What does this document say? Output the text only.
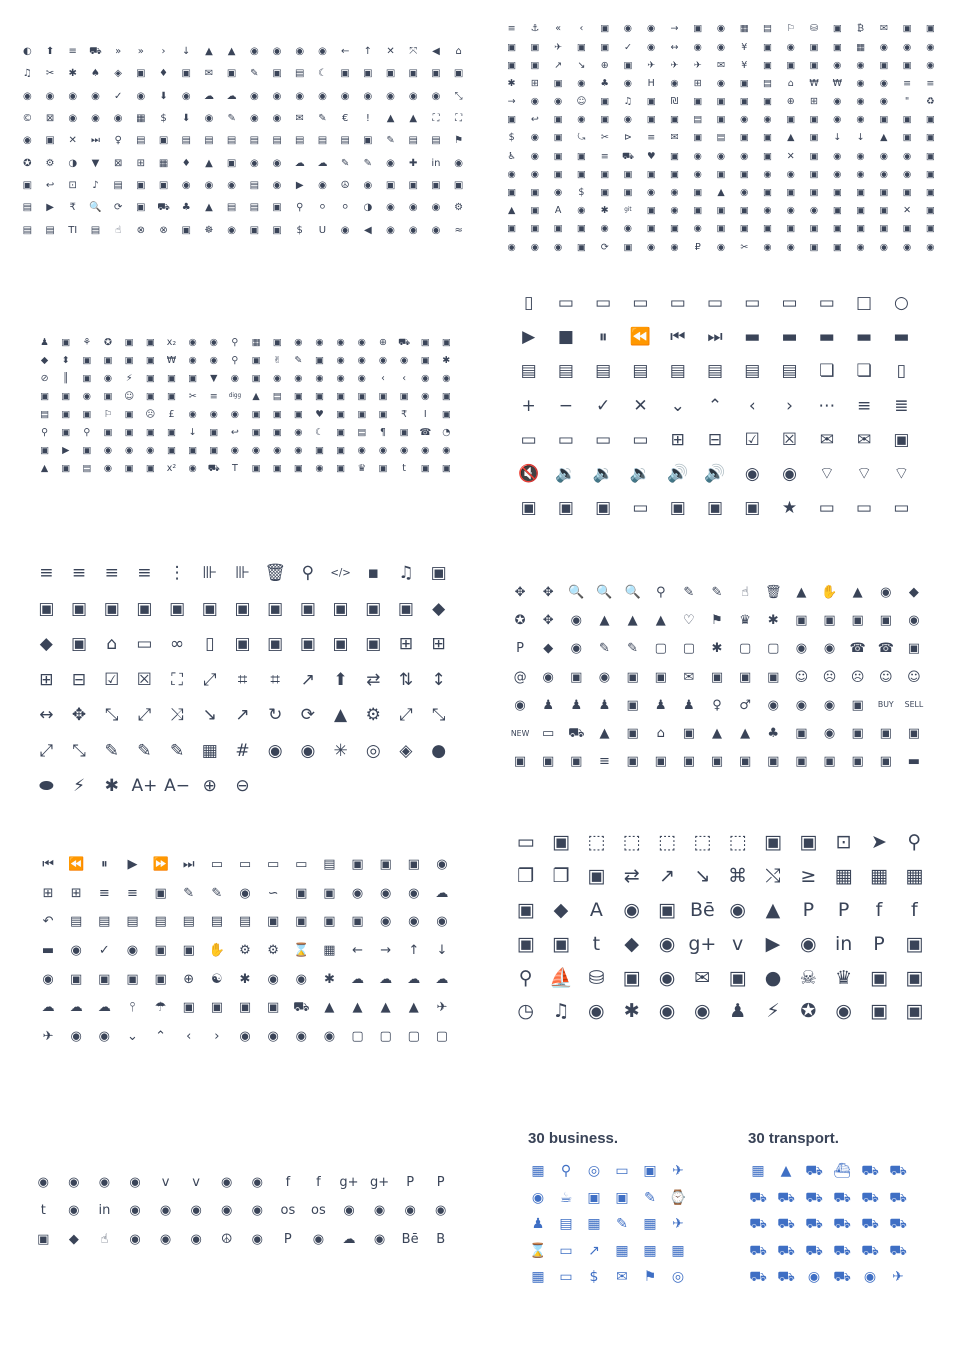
◐ ⬆ ≡ ⛟ » » › ↓ ▲ ▲ ◉ ◉ ◉ ◉ ← ↑ ✕ ⤧ ◀ ⌂
♫ ✂ ✱ ♠ ◈ ▣ ♦ ▣ ✉ ▣ ✎ ▣ ▤ ☾ ▣ ▣ ▣ ▣ ▣ ▣
◉ ◉ ◉ ◉ ✓ ◉ ⬇ ◉ ☁ ☁ ◉ ◉ ◉ ◉ ◉ ◉ ◉ ◉ ◉ ⤡
© ⊠ ◉ ◉ ◉ ▦ $ ⬇ ◉ ✎ ◉ ◉ ✉ ✎ € ! ▲ ▲ ⛶ ⛶
◉ ▣ ✕ ⏭ ♀ ▤ ▣ ▤ ▤ ▤ ▤ ▤ ▤ ▤ ▤ ▣ ✎ ▤ ▤ ⚑
✪ ⚙ ◑ ▼ ⊠ ⊞ ▦ ♦ ▲ ▣ ◉ ◉ ☁ ☁ ✎ ✎ ◉ ✚ in ◉
▣ ↩ ⊡ ♪ ▤ ▣ ▣ ◉ ◉ ◉ ▤ ◉ ▶ ◉ ☮ ◉ ▣ ▣ ▣ ▣
▤ ▶ ₹ 🔍 ⟳ ▣ ⛟ ♣ ▲ ▤ ▤ ▣ ⚲ ⚪ ⚪ ◑ ◉ ◉ ◉ ⚙
▤ ▤ TI ▤ ☝ ⊗ ⊗ ▣ ☸ ◉ ▣ ▣ $ U ◉ ◀ ◉ ◉ ◉ ≈
≡ ⚓ « ‹ ▣ ◉ ◉ → ▣ ◉ ▦ ▤ ⚐ ⛁ ▣ ₿ ✉ ▣ ▣
▣ ▣ ✈ ▣ ▣ ✓ ◉ ↔ ◉ ◉ ¥ ▣ ◉ ▣ ▣ ▦ ◉ ◉ ◉
▣ ▣ ↗ ↘ ⊕ ▣ ✈ ✈ ✈ ✉ ¥ ▣ ▣ ▣ ◉ ◉ ▣ ▣ ◉
✱ ⊞ ▣ ◉ ♣ ◉ H ◉ ⊞ ◉ ▣ ▤ ⌂ ₩ ₩ ◉ ◉ ≡ ≡
→ ◉ ◉ ☺ ▣ ♫ ▣ ₪ ▣ ▣ ▣ ▣ ⊕ ⊞ ◉ ◉ ◉ " ♻
▣ ↩ ▣ ◉ ▣ ◉ ▣ ▣ ▤ ▣ ◉ ◉ ▣ ▣ ◉ ◉ ▣ ▣ ▣
$ ◉ ▣ ⤿ ✂ ⊳ ≡ ✉ ▣ ▤ ▣ ▣ ▲ ▣ ↓ ↓ ▲ ▣ ▣
♿ ◉ ▣ ▣ ≡ ⛟ ♥ ▣ ◉ ◉ ◉ ▣ ✕ ▣ ◉ ◉ ◉ ◉ ▣
◉ ◉ ▣ ▣ ▣ ▣ ▣ ▣ ◉ ▣ ▣ ◉ ◉ ▣ ◉ ◉ ◉ ◉ ▣
▣ ▣ ◉ $ ▣ ▣ ◉ ◉ ▣ ▲ ◉ ▣ ▣ ▣ ▣ ▣ ▣ ▣ ▣
▲ ▣ A ◉ ✱	git ▣ ◉ ▣ ▣ ▣ ◉ ◉ ◉ ▣ ▣ ▣ ✕ ▣
▣ ▣ ▣ ▣ ◉ ◉ ▣ ▣ ◉ ▣ ▣ ▣ ▣ ▣ ▣ ▣ ▣ ▣ ▣
◉ ◉ ◉ ▣ ⟳ ▣ ◉ ◉ ₽ ◉ ✂ ◉ ◉ ▣ ▣ ◉ ◉ ◉ ◉
♟ ▣ ⚘ ✪ ▣ ▣ x₂ ◉ ◉ ⚲ ▦ ▣ ◉ ◉ ◉ ◉ ⊕ ⛟ ▣ ▣
◆ ⬍ ▣ ▣ ▣ ▣ ₩ ◉ ◉ ⚲ ▣ ✌ ✎ ▣ ◉ ◉ ◉ ◉ ▣ ✱
⊘ ║ ▣ ◉ ⚡ ▣ ▣ ▣ ▼ ◉ ▣ ◉ ◉ ◉ ◉ ◉ ‹ ‹ ◉ ◉
▣ ▣ ◉ ▣ ☺ ▣ ▣ ✂ ≡ digg ▲ ▤ ▣ ▣ ▣ ▣ ▣ ▣ ◉ ▣
▤ ▣ ▣ ⚐ ▣ ☹ £ ◉ ◉ ◉ ▣ ▣ ▣ ♥ ▣ ▣ ▣ ₹ I ▣
⚲ ▣ ⚲ ▣ ▣ ▣ ▣ ↓ ▣ ↩ ▣ ▣ ◉ ☾ ▣ ▤ ¶ ▣ ☎ ◔
▣ ▶ ▣ ◉ ◉ ◉ ▣ ▣ ▣ ◉ ◉ ◉ ◉ ▣ ▣ ◉ ◉ ◉ ◉ ◉
▲ ▣ ▤ ◉ ▣ ▣ x² ◉ ⛟ T ▣ ▣ ▣ ◉ ▣ ♛ ▣ t ▣ ▣
▯ ▭ ▭ ▭ ▭ ▭ ▭ ▭ ▭ □ ○
▶ ■ ⏸ ⏪ ⏮ ⏭ ▬ ▬ ▬ ▬ ▬
▤ ▤ ▤ ▤ ▤ ▤ ▤ ▤ ❏ ❏ ▯
+ − ✓ ✕ ⌄ ⌃ ‹ › ⋯ ≡ ≣
▭ ▭ ▭ ▭ ⊞ ⊟ ☑ ☒ ✉ ✉ ▣
🔇 🔉 🔉 🔉 🔊 🔊 ◉ ◉ ⌔ ⌔ ⌔
▣ ▣ ▣ ▭ ▣ ▣ ▣ ★ ▭ ▭ ▭
≡ ≡ ≡ ≡ ⋮ ⊪ ⊪ 🗑 ⚲ </> ▪ ♫ ▣
▣ ▣ ▣ ▣ ▣ ▣ ▣ ▣ ▣ ▣ ▣ ▣ ◆
◆ ▣ ⌂ ▭ ∞ ▯ ▣ ▣ ▣ ▣ ▣ ⊞ ⊞
⊞ ⊟ ☑ ☒ ⛶ ⤢ ⌗ ⌗ ↗ ⬆ ⇄ ⇅ ↕
↔ ✥ ⤡ ⤢ ⤨ ↘ ↗ ↻ ⟳ ▲ ⚙ ⤢ ⤡
⤢ ⤡ ✎ ✎ ✎ ▦ # ◉ ◉ ✳ ◎ ◈ ●
⬬ ⚡ ✱ A+ A− ⊕ ⊖
✥ ✥ 🔍 🔍 🔍 ⚲ ✎ ✎ ☝ 🗑 ▲ ✋ ▲ ◉ ◆
✪ ✥ ◉ ▲ ▲ ▲ ♡ ⚑ ♛ ✱ ▣ ▣ ▣ ▣ ◉
P ◆ ◉ ✎ ✎ ▢ ▢ ✱ ▢ ▢ ◉ ◉ ☎ ☎ ▣
@ ◉ ▣ ◉ ▣ ▣ ✉ ▣ ▣ ▣ ☺ ☹ ☹ ☺ ☺
◉ ♟ ♟ ♟ ▣ ♟ ♟ ♀ ♂ ◉ ◉ ◉ ▣ BUY SELL
NEW ▭ ⛟ ▲ ▣ ⌂ ▣ ▲ ▲ ♣ ▣ ◉ ▣ ▣ ▣
▣ ▣ ▣ ≡ ▣ ▣ ▣ ▣ ▣ ▣ ▣ ▣ ▣ ▣ ▬
⏮ ⏪ ⏸ ▶ ⏩ ⏭ ▭ ▭ ▭ ▭ ▤ ▣ ▣ ▣ ◉
⊞ ⊞ ≡ ≡ ▣ ✎ ✎ ◉ ∽ ▣ ▣ ◉ ◉ ◉ ☁
↶ ▤ ▤ ▤ ▤ ▤ ▤ ▤ ▣ ▣ ▣ ▣ ◉ ◉ ◉
▬ ◉ ✓ ◉ ▣ ▣ ✋ ⚙ ⚙ ⌛ ▦ ← → ↑ ↓
◉ ▣ ▣ ▣ ▣ ⊕ ☯ ✱ ◉ ◉ ✱ ☁ ☁ ☁ ☁
☁ ☁ ☁ ⫯ ☂ ▣ ▣ ▣ ▣ ⛟ ▲ ▲ ▲ ▲ ✈
✈ ◉ ◉ ⌄ ⌃ ‹ › ◉ ◉ ◉ ◉ ▢ ▢ ▢ ▢
▭ ▣ ⬚ ⬚ ⬚ ⬚ ⬚ ▣ ▣ ⊡ ➤ ⚲
❐ ❐ ▣ ⇄ ↗ ↘ ⌘ ⤭ ≥ ▦ ▦ ▦
▣ ◆ A ◉ ▣ Bē ◉ ▲ P P f f
▣ ▣ t ◆ ◉ g+ v ▶ ◉ in P ▣
⚲ ⛵ ⛁ ▣ ◉ ✉ ▣ ● ☠ ♛ ▣ ▣
◷ ♫ ◉ ✱ ◉ ◉ ♟ ⚡ ✪ ◉ ▣ ▣
◉ ◉ ◉ ◉ v v ◉ ◉ f f g+ g+ P P
t ◉ in ◉ ◉ ◉ ◉ ◉ os os ◉ ◉ ◉ ◉
▣ ◆ ☝ ◉ ◉ ◉ ☮ ◉ P ◉ ☁ ◉ Bē B
30 business.
▦ ⚲ ◎ ▭ ▣ ✈
◉ ☕ ▣ ▣ ✎ ⌚
♟ ▤ ▦ ✎ ▦ ✈
⌛ ▭ ↗ ▦ ▦ ▦
▦ ▭ $ ✉ ⚑ ◎
30 transport.
▦ ▲ ⛟ ⛴ ⛟ ⛟
⛟ ⛟ ⛟ ⛟ ⛟ ⛟
⛟ ⛟ ⛟ ⛟ ⛟ ⛟
⛟ ⛟ ⛟ ⛟ ⛟ ⛟
⛟ ⛟ ◉ ⛟ ◉ ✈
